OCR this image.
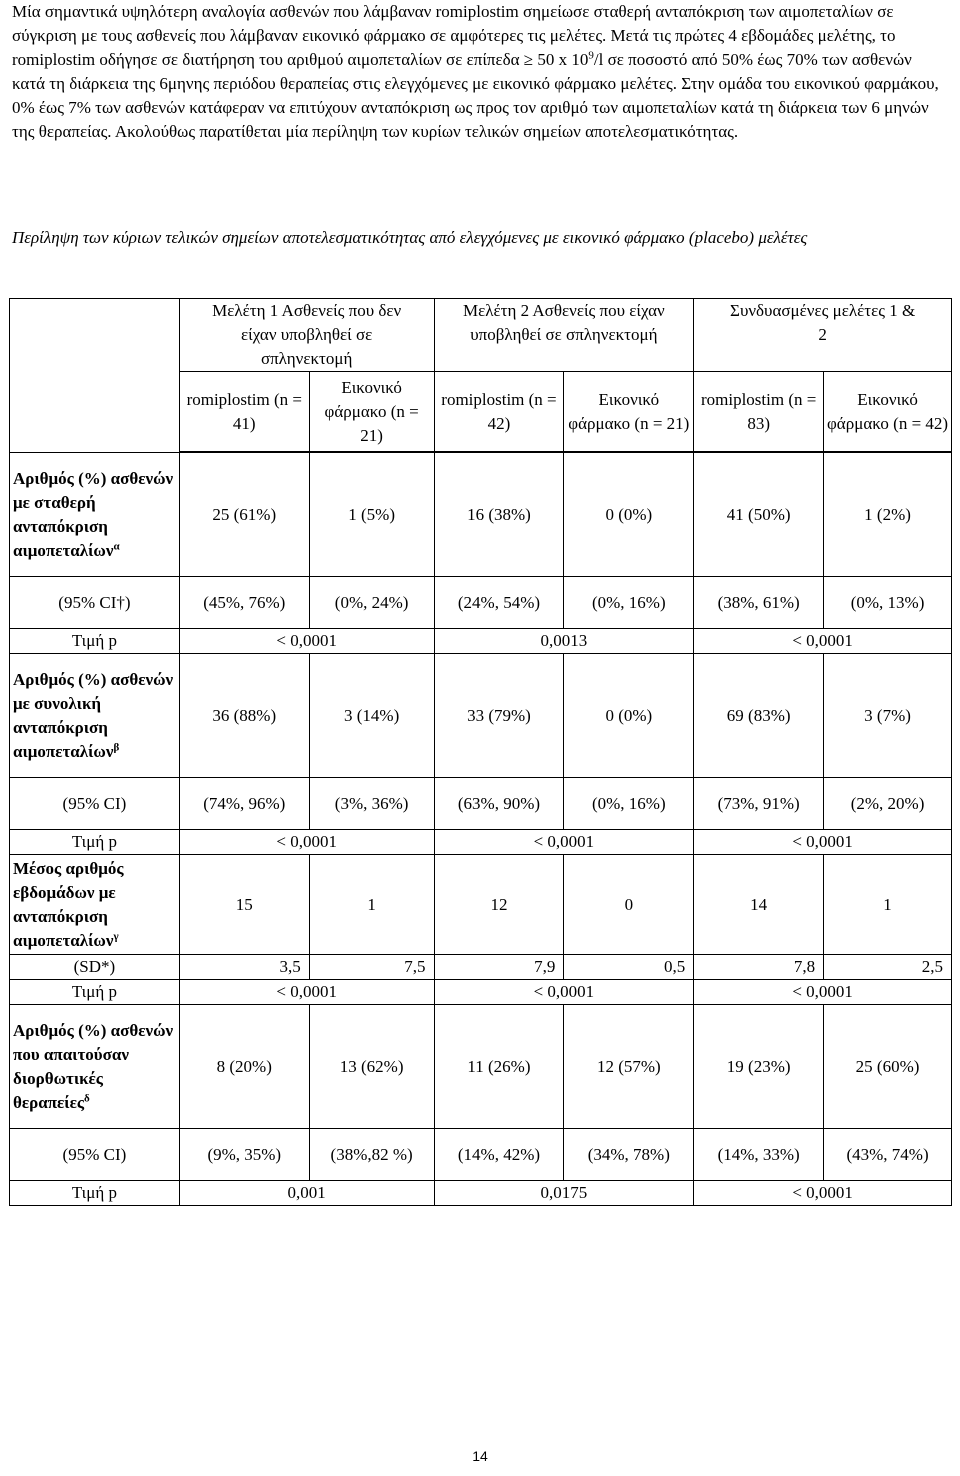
Μία σημαντικά υψηλότερη αναλογία ασθενών που λάμβαναν romiplostim σημείωσε σταθερή ανταπόκριση των αιμοπεταλίων σε σύγκριση με τους ασθενείς που λάμβαναν εικονικό φάρμακο σε αμφότερες τις μελέτες. Μετά τις πρώτες 4 εβδομάδες μελέτης, το romiplostim οδήγησε σε διατήρηση του αριθμού αιμοπεταλίων σε επίπεδα ≥ 50 x $10^9/l$ σε ποσοστό από 50% έως 70% των ασθενών κατά τη διάρκεια της 6μηνης περιόδου θεραπείας στις ελεγχόμενες με εικονικό φάρμακο μελέτες. Στην ομάδα του εικονικού φαρμάκου, 0% έως 7% των ασθενών κατάφεραν να επιτύχουν ανταπόκριση ως προς τον αριθμό των αιμοπεταλίων κατά τη διάρκεια των 6 μηνών της θεραπείας. Ακολούθως παρατίθεται μία περίληψη των κυρίων τελικών σημείων αποτελεσματικότητας.

Περίληψη των κύριων τελικών σημείων αποτελεσματικότητας από ελεγχόμενες με εικονικό φάρμακο (placebo) μελέτες

	Μελέτη 1 Ασθενείς που δεν είχαν υποβληθεί σε σπληνεκτομή		Μελέτη 2 Ασθενείς που είχαν υποβληθεί σε σπληνεκτομή		Συνδυασμένες μελέτες 1 & 2	
	romiplostim (n = 41)	Εικονικό φάρμακο (n = 21)	romiplostim (n = 42)	Εικονικό φάρμακο (n = 21)	romiplostim (n = 83)	Εικονικό φάρμακο (n = 42)

Αριθμός (%) ασθενών με σταθερή ανταπόκριση αιμοπεταλίων$^\alpha$	25 (61%)	1 (5%)	16 (38%)	0 (0%)	41 (50%)	1 (2%)
(95% CI†)	(45%, 76%)	(0%, 24%)	(24%, 54%)	(0%, 16%)	(38%, 61%)	(0%, 13%)
Τιμή p	< 0,0001		0,0013		< 0,0001	
Αριθμός (%) ασθενών με συνολική ανταπόκριση αιμοπεταλίων$^\beta$	36 (88%)	3 (14%)	33 (79%)	0 (0%)	69 (83%)	3 (7%)
(95% CI)	(74%, 96%)	(3%, 36%)	(63%, 90%)	(0%, 16%)	(73%, 91%)	(2%, 20%)
Τιμή p	< 0,0001		< 0,0001		< 0,0001	
Μέσος αριθμός εβδομάδων με ανταπόκριση αιμοπεταλίων$^\gamma$	15	1	12	0	14	1
(SD*)	3,5	7,5	7,9	0,5	7,8	2,5
Τιμή p	< 0,0001		< 0,0001		< 0,0001	
Αριθμός (%) ασθενών που απαιτούσαν διορθωτικές θεραπείες$^\delta$	8 (20%)	13 (62%)	11 (26%)	12 (57%)	19 (23%)	25 (60%)
(95% CI)	(9%, 35%)	(38%,82 %)	(14%, 42%)	(34%, 78%)	(14%, 33%)	(43%, 74%)
Τιμή p	0,001		0,0175		< 0,0001	
14
